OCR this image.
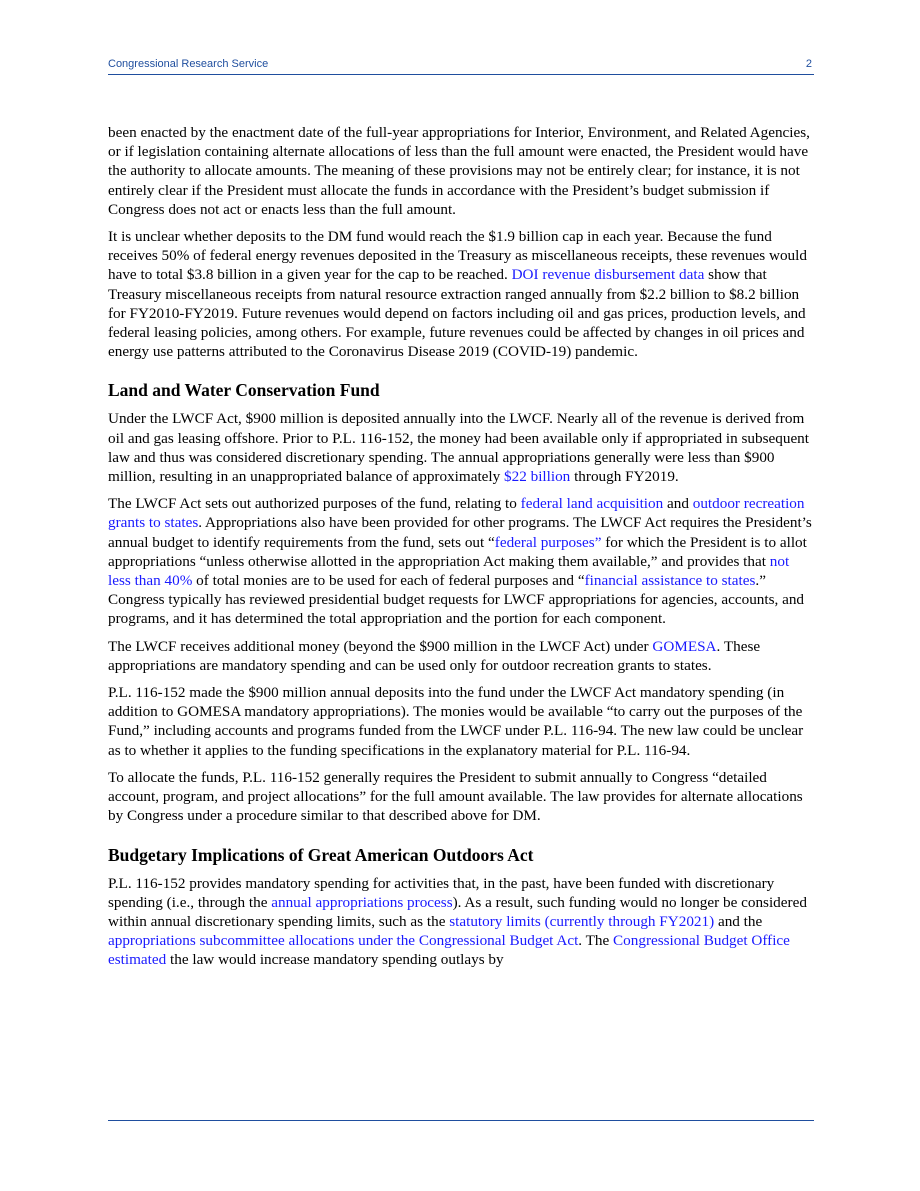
Congressional Research Service	2

been enacted by the enactment date of the full-year appropriations for Interior, Environment, and Related Agencies, or if legislation containing alternate allocations of less than the full amount were enacted, the President would have the authority to allocate amounts. The meaning of these provisions may not be entirely clear; for instance, it is not entirely clear if the President must allocate the funds in accordance with the President’s budget submission if Congress does not act or enacts less than the full amount.

It is unclear whether deposits to the DM fund would reach the $1.9 billion cap in each year. Because the fund receives 50% of federal energy revenues deposited in the Treasury as miscellaneous receipts, these revenues would have to total $3.8 billion in a given year for the cap to be reached. DOI revenue disbursement data show that Treasury miscellaneous receipts from natural resource extraction ranged annually from $2.2 billion to $8.2 billion for FY2010-FY2019. Future revenues would depend on factors including oil and gas prices, production levels, and federal leasing policies, among others. For example, future revenues could be affected by changes in oil prices and energy use patterns attributed to the Coronavirus Disease 2019 (COVID-19) pandemic.

Land and Water Conservation Fund

Under the LWCF Act, $900 million is deposited annually into the LWCF. Nearly all of the revenue is derived from oil and gas leasing offshore. Prior to P.L. 116-152, the money had been available only if appropriated in subsequent law and thus was considered discretionary spending. The annual appropriations generally were less than $900 million, resulting in an unappropriated balance of approximately $22 billion through FY2019.

The LWCF Act sets out authorized purposes of the fund, relating to federal land acquisition and outdoor recreation grants to states. Appropriations also have been provided for other programs. The LWCF Act requires the President’s annual budget to identify requirements from the fund, sets out “federal purposes” for which the President is to allot appropriations “unless otherwise allotted in the appropriation Act making them available,” and provides that not less than 40% of total monies are to be used for each of federal purposes and “financial assistance to states.” Congress typically has reviewed presidential budget requests for LWCF appropriations for agencies, accounts, and programs, and it has determined the total appropriation and the portion for each component.

The LWCF receives additional money (beyond the $900 million in the LWCF Act) under GOMESA. These appropriations are mandatory spending and can be used only for outdoor recreation grants to states.

P.L. 116-152 made the $900 million annual deposits into the fund under the LWCF Act mandatory spending (in addition to GOMESA mandatory appropriations). The monies would be available “to carry out the purposes of the Fund,” including accounts and programs funded from the LWCF under P.L. 116-94. The new law could be unclear as to whether it applies to the funding specifications in the explanatory material for P.L. 116-94.

To allocate the funds, P.L. 116-152 generally requires the President to submit annually to Congress “detailed account, program, and project allocations” for the full amount available. The law provides for alternate allocations by Congress under a procedure similar to that described above for DM.

Budgetary Implications of Great American Outdoors Act

P.L. 116-152 provides mandatory spending for activities that, in the past, have been funded with discretionary spending (i.e., through the annual appropriations process). As a result, such funding would no longer be considered within annual discretionary spending limits, such as the statutory limits (currently through FY2021) and the appropriations subcommittee allocations under the Congressional Budget Act. The Congressional Budget Office estimated the law would increase mandatory spending outlays by
